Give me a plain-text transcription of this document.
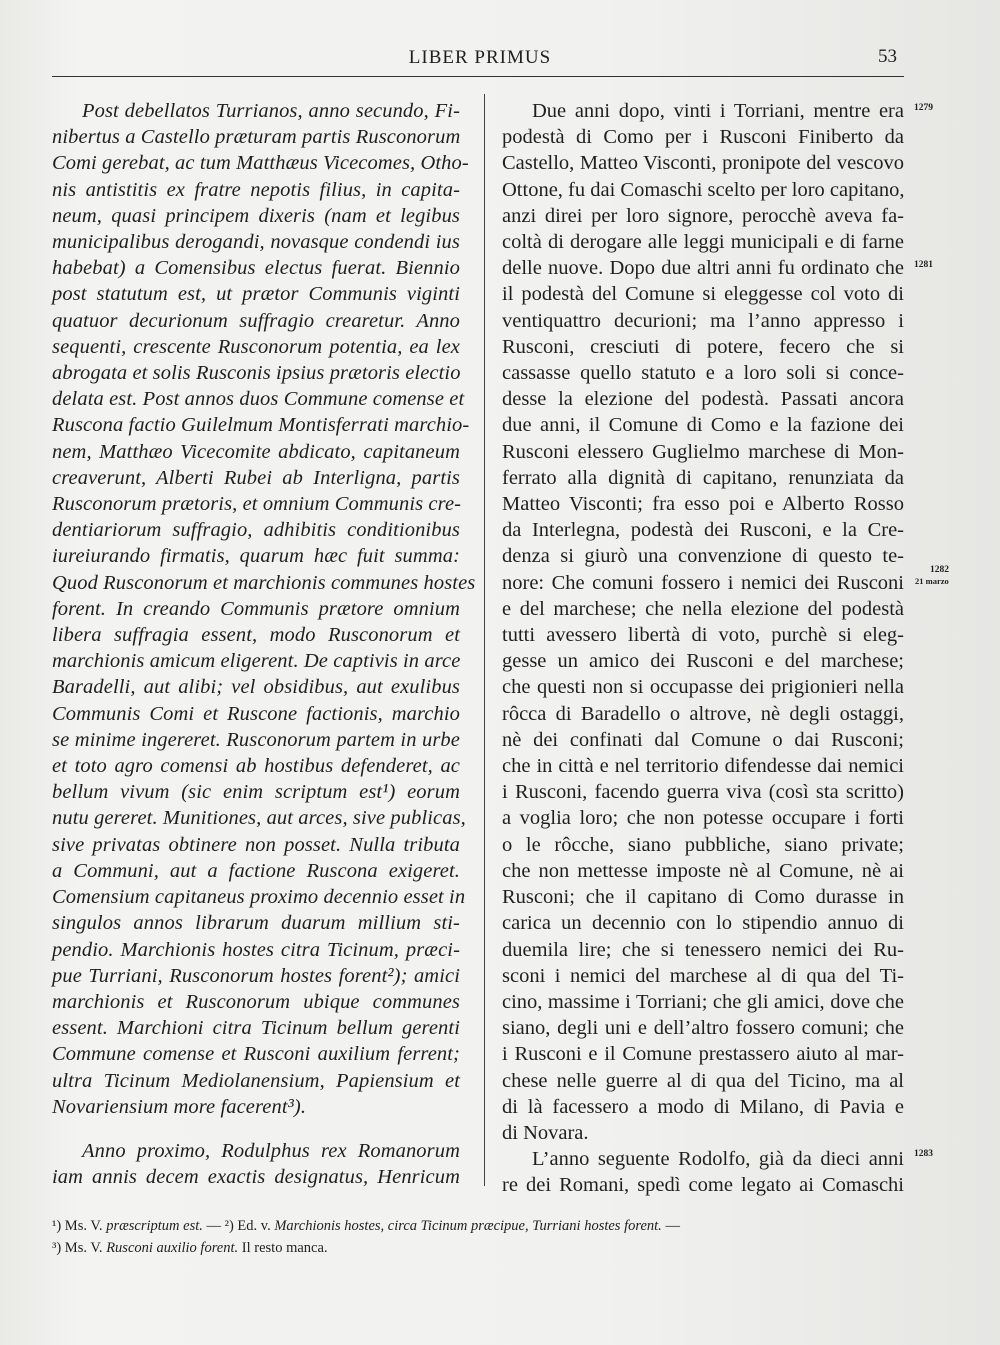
LIBER PRIMUS	53

Post debellatos Turrianos, anno secundo, Fi-
nibertus a Castello præturam partis Rusconorum
Comi gerebat, ac tum Matthæus Vicecomes, Otho-
nis antistitis ex fratre nepotis filius, in capita-
neum, quasi principem dixeris (nam et legibus
municipalibus derogandi, novasque condendi ius
habebat) a Comensibus electus fuerat. Biennio
post statutum est, ut prætor Communis viginti
quatuor decurionum suffragio crearetur. Anno
sequenti, crescente Rusconorum potentia, ea lex
abrogata et solis Rusconis ipsius prætoris electio
delata est. Post annos duos Commune comense et
Ruscona factio Guilelmum Montisferrati marchio-
nem, Matthæo Vicecomite abdicato, capitaneum
creaverunt, Alberti Rubei ab Interligna, partis
Rusconorum prætoris, et omnium Communis cre-
dentiariorum suffragio, adhibitis conditionibus
iureiurando firmatis, quarum hæc fuit summa:
Quod Rusconorum et marchionis communes hostes
forent. In creando Communis prætore omnium
libera suffragia essent, modo Rusconorum et
marchionis amicum eligerent. De captivis in arce
Baradelli, aut alibi; vel obsidibus, aut exulibus
Communis Comi et Ruscone factionis, marchio
se minime ingereret. Rusconorum partem in urbe
et toto agro comensi ab hostibus defenderet, ac
bellum vivum (sic enim scriptum est¹) eorum
nutu gereret. Munitiones, aut arces, sive publicas,
sive privatas obtinere non posset. Nulla tributa
a Communi, aut a factione Ruscona exigeret.
Comensium capitaneus proximo decennio esset in
singulos annos librarum duarum millium sti-
pendio. Marchionis hostes citra Ticinum, præci-
pue Turriani, Rusconorum hostes forent²); amici
marchionis et Rusconorum ubique communes
essent. Marchioni citra Ticinum bellum gerenti
Commune comense et Rusconi auxilium ferrent;
ultra Ticinum Mediolanensium, Papiensium et
Novariensium more facerent³).

Anno proximo, Rodulphus rex Romanorum
iam annis decem exactis designatus, Henricum

Due anni dopo, vinti i Torriani, mentre era
podestà di Como per i Rusconi Finiberto da
Castello, Matteo Visconti, pronipote del vescovo
Ottone, fu dai Comaschi scelto per loro capitano,
anzi direi per loro signore, perocchè aveva fa-
coltà di derogare alle leggi municipali e di farne
delle nuove. Dopo due altri anni fu ordinato che
il podestà del Comune si eleggesse col voto di
ventiquattro decurioni; ma l’anno appresso i
Rusconi, cresciuti di potere, fecero che si
cassasse quello statuto e a loro soli si conce-
desse la elezione del podestà. Passati ancora
due anni, il Comune di Como e la fazione dei
Rusconi elessero Guglielmo marchese di Mon-
ferrato alla dignità di capitano, renunziata da
Matteo Visconti; fra esso poi e Alberto Rosso
da Interlegna, podestà dei Rusconi, e la Cre-
denza si giurò una convenzione di questo te-
nore: Che comuni fossero i nemici dei Rusconi
e del marchese; che nella elezione del podestà
tutti avessero libertà di voto, purchè si eleg-
gesse un amico dei Rusconi e del marchese;
che questi non si occupasse dei prigionieri nella
rôcca di Baradello o altrove, nè degli ostaggi,
nè dei confinati dal Comune o dai Rusconi;
che in città e nel territorio difendesse dai nemici
i Rusconi, facendo guerra viva (così sta scritto)
a voglia loro; che non potesse occupare i forti
o le rôcche, siano pubbliche, siano private;
che non mettesse imposte nè al Comune, nè ai
Rusconi; che il capitano di Como durasse in
carica un decennio con lo stipendio annuo di
duemila lire; che si tenessero nemici dei Ru-
sconi i nemici del marchese al di qua del Ti-
cino, massime i Torriani; che gli amici, dove che
siano, degli uni e dell’altro fossero comuni; che
i Rusconi e il Comune prestassero aiuto al mar-
chese nelle guerre al di qua del Ticino, ma al
di là facessero a modo di Milano, di Pavia e
di Novara.

L’anno seguente Rodolfo, già da dieci anni
re dei Romani, spedì come legato ai Comaschi

1279
1281
1282
21 marzo
1283
¹) Ms. V. præscriptum est. — ²) Ed. v. Marchionis hostes, circa Ticinum præcipue, Turriani hostes forent. —
³) Ms. V. Rusconi auxilio forent. Il resto manca.
